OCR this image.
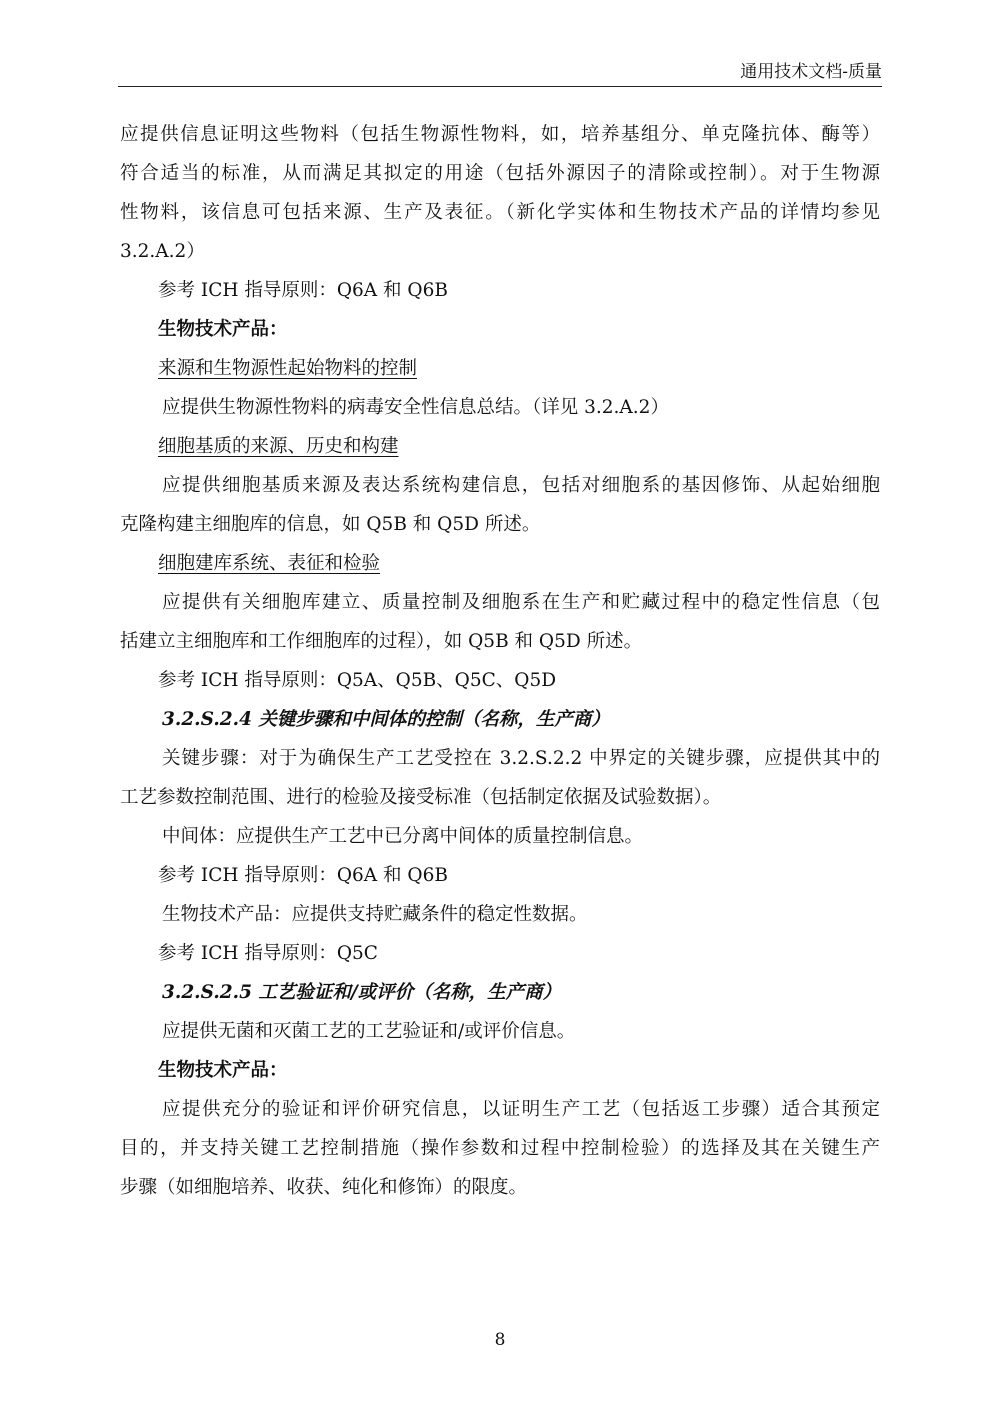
通用技术文档-质量
应提供信息证明这些物料（包括生物源性物料，如，培养基组分、单克隆抗体、酶等）
符合适当的标准，从而满足其拟定的用途（包括外源因子的清除或控制）。对于生物源
性物料，该信息可包括来源、生产及表征。（新化学实体和生物技术产品的详情均参见
3.2.A.2）
参考 ICH 指导原则：Q6A 和 Q6B
生物技术产品：
来源和生物源性起始物料的控制
应提供生物源性物料的病毒安全性信息总结。（详见 3.2.A.2）
细胞基质的来源、历史和构建
应提供细胞基质来源及表达系统构建信息，包括对细胞系的基因修饰、从起始细胞
克隆构建主细胞库的信息，如 Q5B 和 Q5D 所述。
细胞建库系统、表征和检验
应提供有关细胞库建立、质量控制及细胞系在生产和贮藏过程中的稳定性信息（包
括建立主细胞库和工作细胞库的过程），如 Q5B 和 Q5D 所述。
参考 ICH 指导原则：Q5A、Q5B、Q5C、Q5D
3.2.S.2.4 关键步骤和中间体的控制（名称，生产商）
关键步骤：对于为确保生产工艺受控在 3.2.S.2.2 中界定的关键步骤，应提供其中的
工艺参数控制范围、进行的检验及接受标准（包括制定依据及试验数据）。
中间体：应提供生产工艺中已分离中间体的质量控制信息。
参考 ICH 指导原则：Q6A 和 Q6B
生物技术产品：应提供支持贮藏条件的稳定性数据。
参考 ICH 指导原则：Q5C
3.2.S.2.5 工艺验证和/或评价（名称，生产商）
应提供无菌和灭菌工艺的工艺验证和/或评价信息。
生物技术产品：
应提供充分的验证和评价研究信息，以证明生产工艺（包括返工步骤）适合其预定
目的，并支持关键工艺控制措施（操作参数和过程中控制检验）的选择及其在关键生产
步骤（如细胞培养、收获、纯化和修饰）的限度。
8
